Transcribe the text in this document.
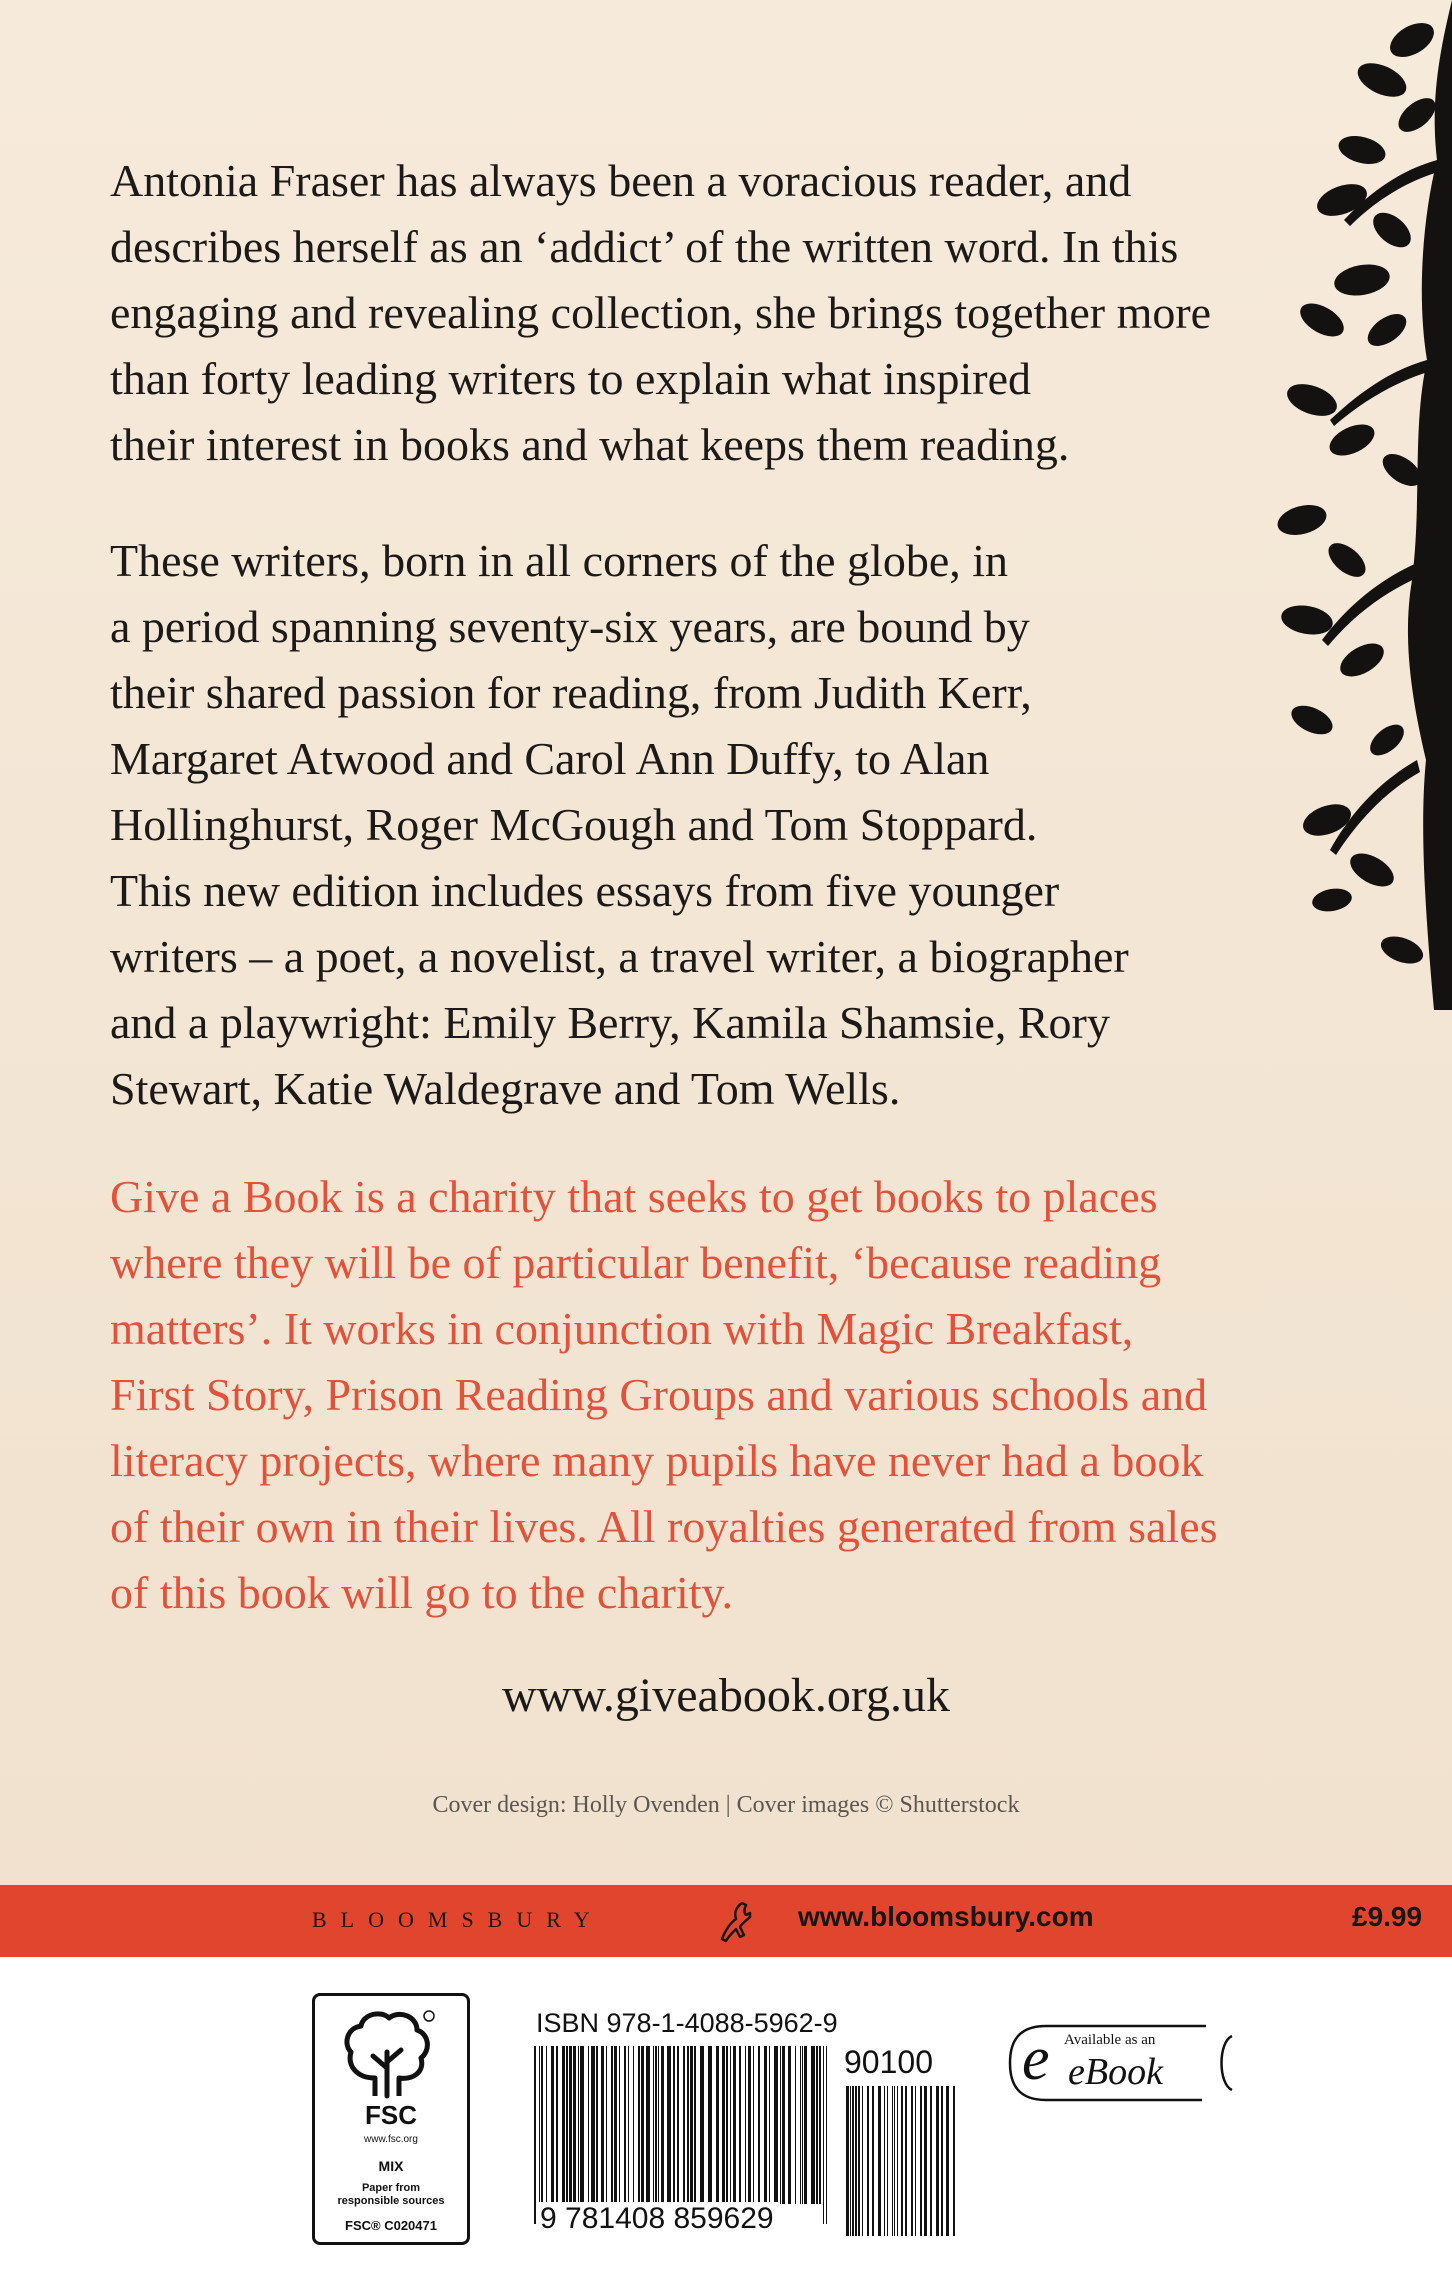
Antonia Fraser has always been a voracious reader, and
describes herself as an ‘addict’ of the written word. In this
engaging and revealing collection, she brings together more
than forty leading writers to explain what inspired
their interest in books and what keeps them reading.
These writers, born in all corners of the globe, in
a period spanning seventy-six years, are bound by
their shared passion for reading, from Judith Kerr,
Margaret Atwood and Carol Ann Duffy, to Alan
Hollinghurst, Roger McGough and Tom Stoppard.
This new edition includes essays from five younger
writers – a poet, a novelist, a travel writer, a biographer
and a playwright: Emily Berry, Kamila Shamsie, Rory
Stewart, Katie Waldegrave and Tom Wells.
Give a Book is a charity that seeks to get books to places
where they will be of particular benefit, ‘because reading
matters’. It works in conjunction with Magic Breakfast,
First Story, Prison Reading Groups and various schools and
literacy projects, where many pupils have never had a book
of their own in their lives. All royalties generated from sales
of this book will go to the charity.
www.giveabook.org.uk
Cover design: Holly Ovenden | Cover images © Shutterstock
BLOOMSBURY	www.bloomsbury.com	£9.99
FSC
www.fsc.org
MIX
Paper from
responsible sources
FSC® C020471
ISBN 978-1-4088-5962-9
90100
9 781408 859629
e Available as an
eBook
